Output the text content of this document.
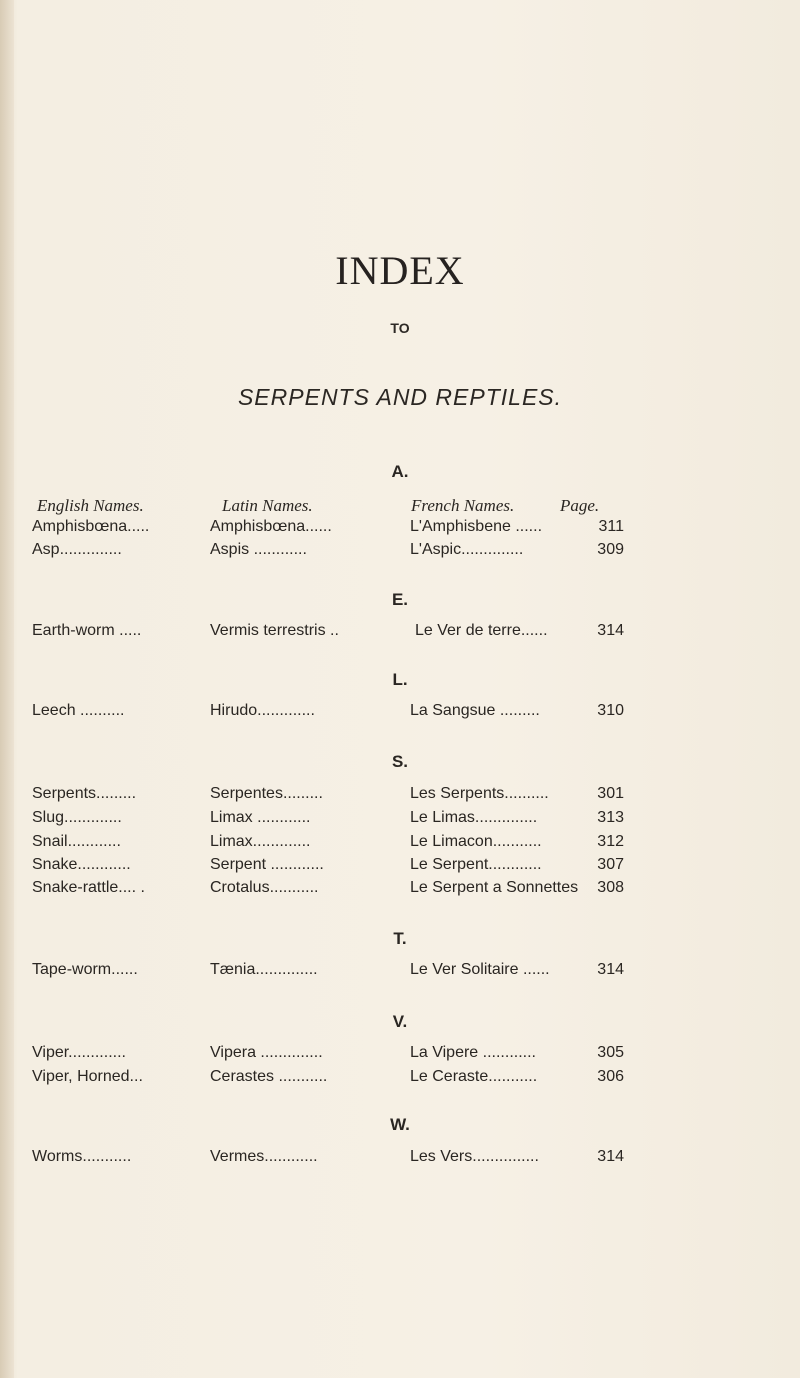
INDEX
TO
SERPENTS AND REPTILES.
English Names.	Latin Names.	French Names.	Page.
A.
Amphisbœna.....	Amphisbœna......	L'Amphisbene ......	311
Asp..............	Aspis ............	L'Aspic..............	309
E.
Earth-worm .....	Vermis terrestris ..	Le Ver de terre......	314
L.
Leech ..........	Hirudo.............	La Sangsue .........	310
S.
Serpents.........	Serpentes.........	Les Serpents..........	301
Slug.............	Limax ............	Le Limas..............	313
Snail............	Limax.............	Le Limacon...........	312
Snake............	Serpent ............	Le Serpent............	307
Snake-rattle.... .	Crotalus...........	Le Serpent a Sonnettes	308
T.
Tape-worm......	Tænia..............	Le Ver Solitaire ......	314
V.
Viper.............	Vipera ..............	La Vipere ............	305
Viper, Horned...	Cerastes ...........	Le Ceraste...........	306
W.
Worms...........	Vermes............	Les Vers...............	314
